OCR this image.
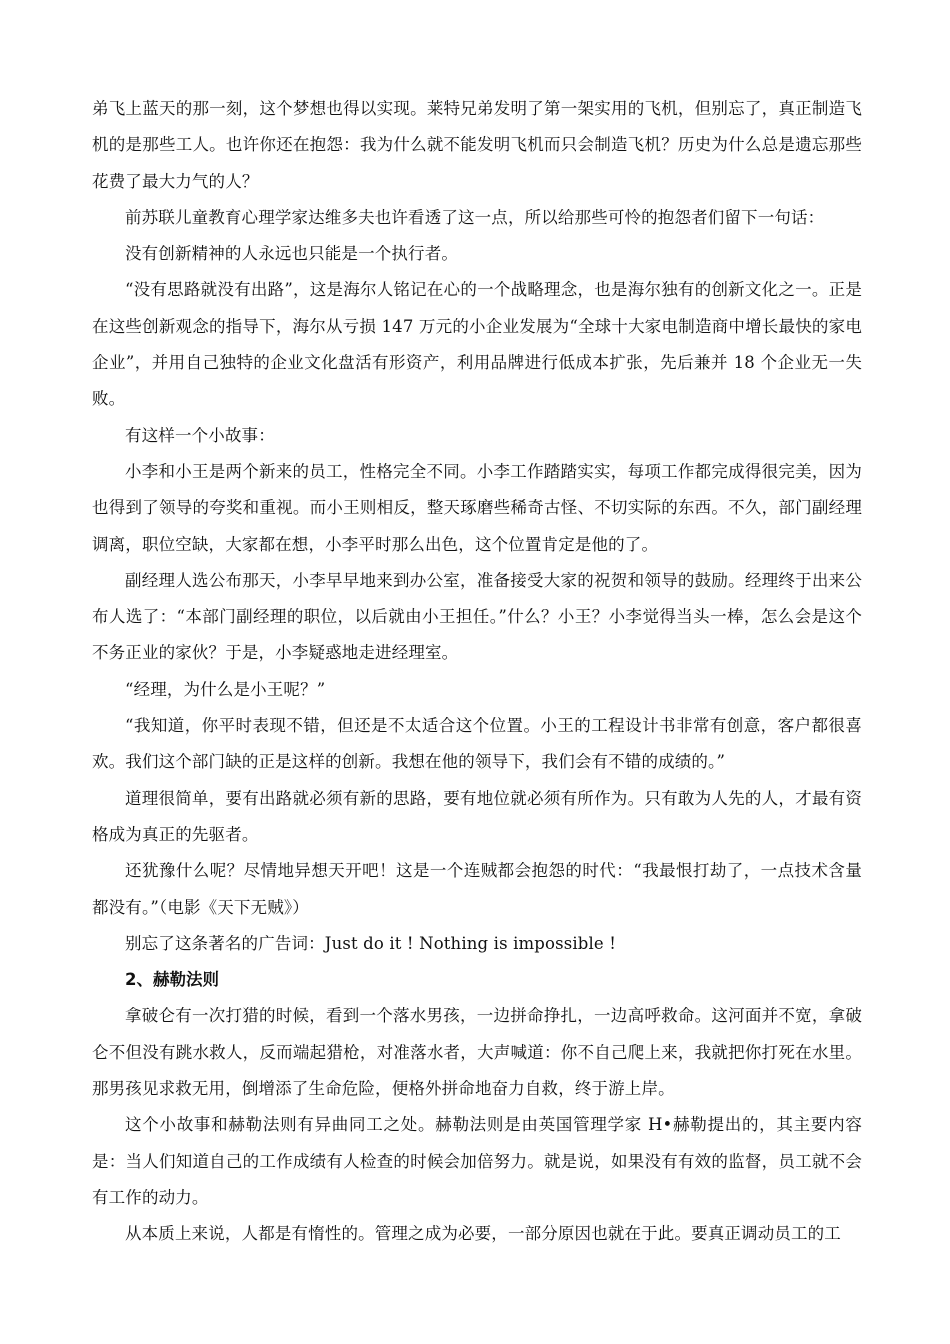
弟飞上蓝天的那一刻，这个梦想也得以实现。莱特兄弟发明了第一架实用的飞机，但别忘了，真正制造飞机的是那些工人。也许你还在抱怨：我为什么就不能发明飞机而只会制造飞机？历史为什么总是遗忘那些花费了最大力气的人？

前苏联儿童教育心理学家达维多夫也许看透了这一点，所以给那些可怜的抱怨者们留下一句话：

没有创新精神的人永远也只能是一个执行者。

“没有思路就没有出路”，这是海尔人铭记在心的一个战略理念，也是海尔独有的创新文化之一。正是在这些创新观念的指导下，海尔从亏损 147 万元的小企业发展为“全球十大家电制造商中增长最快的家电企业”，并用自己独特的企业文化盘活有形资产，利用品牌进行低成本扩张，先后兼并 18 个企业无一失败。

有这样一个小故事：

小李和小王是两个新来的员工，性格完全不同。小李工作踏踏实实，每项工作都完成得很完美，因为也得到了领导的夸奖和重视。而小王则相反，整天琢磨些稀奇古怪、不切实际的东西。不久，部门副经理调离，职位空缺，大家都在想，小李平时那么出色，这个位置肯定是他的了。

副经理人选公布那天，小李早早地来到办公室，准备接受大家的祝贺和领导的鼓励。经理终于出来公布人选了：“本部门副经理的职位，以后就由小王担任。”什么？小王？小李觉得当头一棒，怎么会是这个不务正业的家伙？于是，小李疑惑地走进经理室。

“经理，为什么是小王呢？”

“我知道，你平时表现不错，但还是不太适合这个位置。小王的工程设计书非常有创意，客户都很喜欢。我们这个部门缺的正是这样的创新。我想在他的领导下，我们会有不错的成绩的。”

道理很简单，要有出路就必须有新的思路，要有地位就必须有所作为。只有敢为人先的人，才最有资格成为真正的先驱者。

还犹豫什么呢？尽情地异想天开吧！这是一个连贼都会抱怨的时代：“我最恨打劫了，一点技术含量都没有。”（电影《天下无贼》）

别忘了这条著名的广告词：Just do it ! Nothing is impossible !

2、赫勒法则

拿破仑有一次打猎的时候，看到一个落水男孩，一边拼命挣扎，一边高呼救命。这河面并不宽，拿破仑不但没有跳水救人，反而端起猎枪，对准落水者，大声喊道：你不自己爬上来，我就把你打死在水里。那男孩见求救无用，倒增添了生命危险，便格外拼命地奋力自救，终于游上岸。

这个小故事和赫勒法则有异曲同工之处。赫勒法则是由英国管理学家 H•赫勒提出的，其主要内容是：当人们知道自己的工作成绩有人检查的时候会加倍努力。就是说，如果没有有效的监督，员工就不会有工作的动力。

从本质上来说，人都是有惰性的。管理之成为必要，一部分原因也就在于此。要真正调动员工的工
